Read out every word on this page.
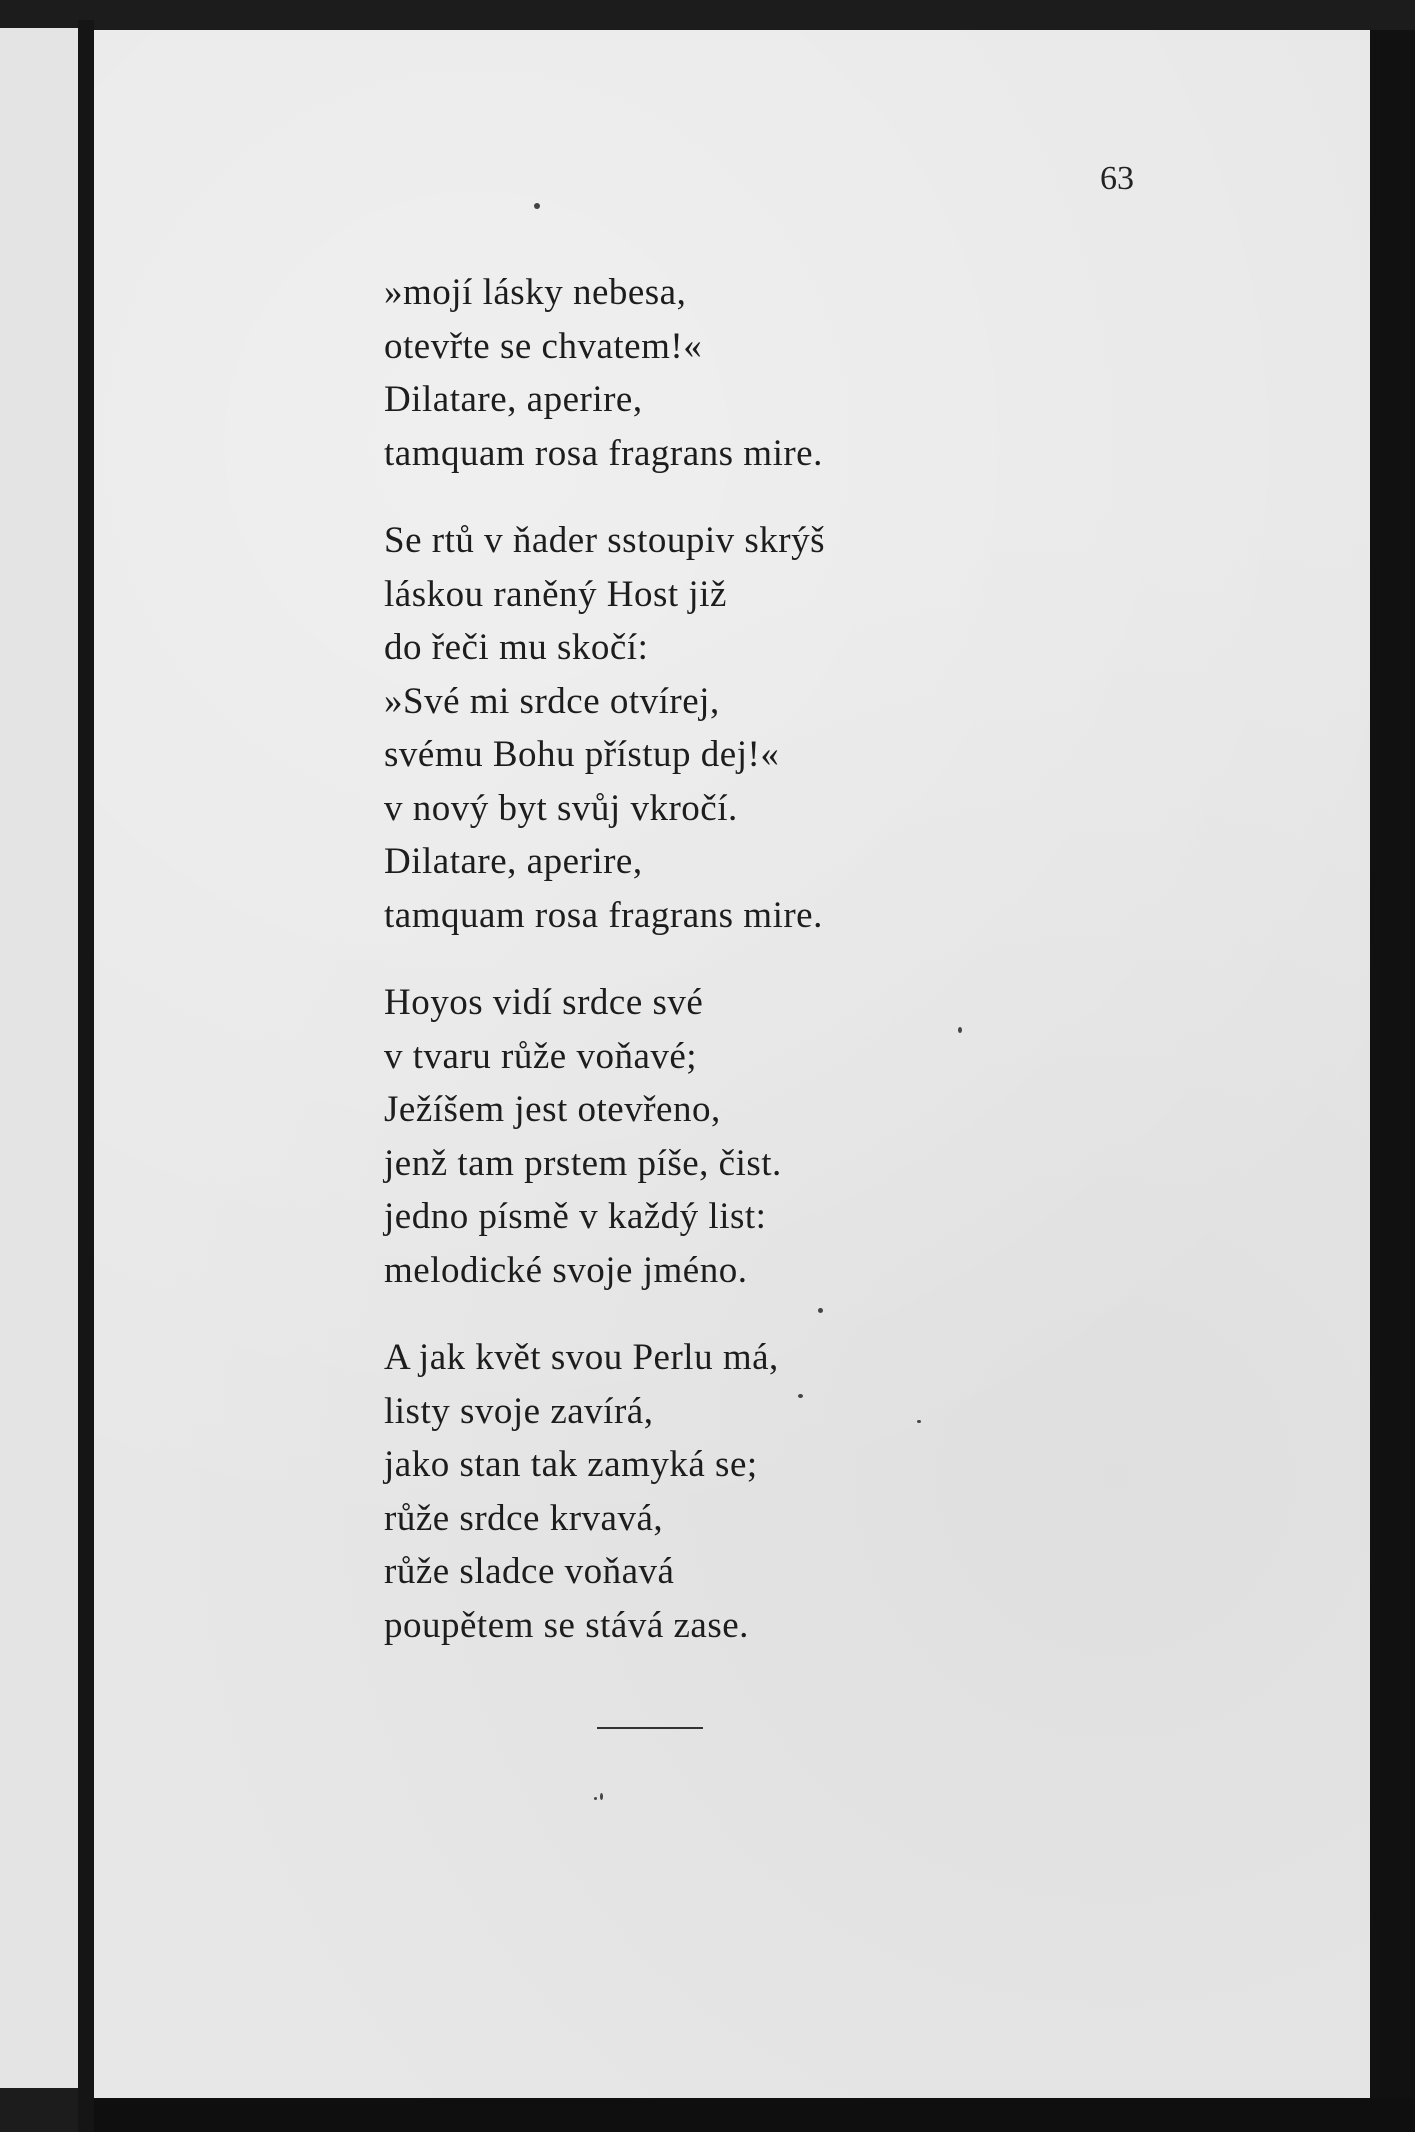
63
»mojí lásky nebesa,
otevřte se chvatem!«
Dilatare, aperire,
tamquam rosa fragrans mire.
Se rtů v ňader sstoupiv skrýš
láskou raněný Host již
do řeči mu skočí:
»Své mi srdce otvírej,
svému Bohu přístup dej!«
v nový byt svůj vkročí.
Dilatare, aperire,
tamquam rosa fragrans mire.
Hoyos vidí srdce své
v tvaru růže voňavé;
Ježíšem jest otevřeno,
jenž tam prstem píše, čist.
jedno písmě v každý list:
melodické svoje jméno.
A jak květ svou Perlu má,
listy svoje zavírá,
jako stan tak zamyká se;
růže srdce krvavá,
růže sladce voňavá
poupětem se stává zase.
